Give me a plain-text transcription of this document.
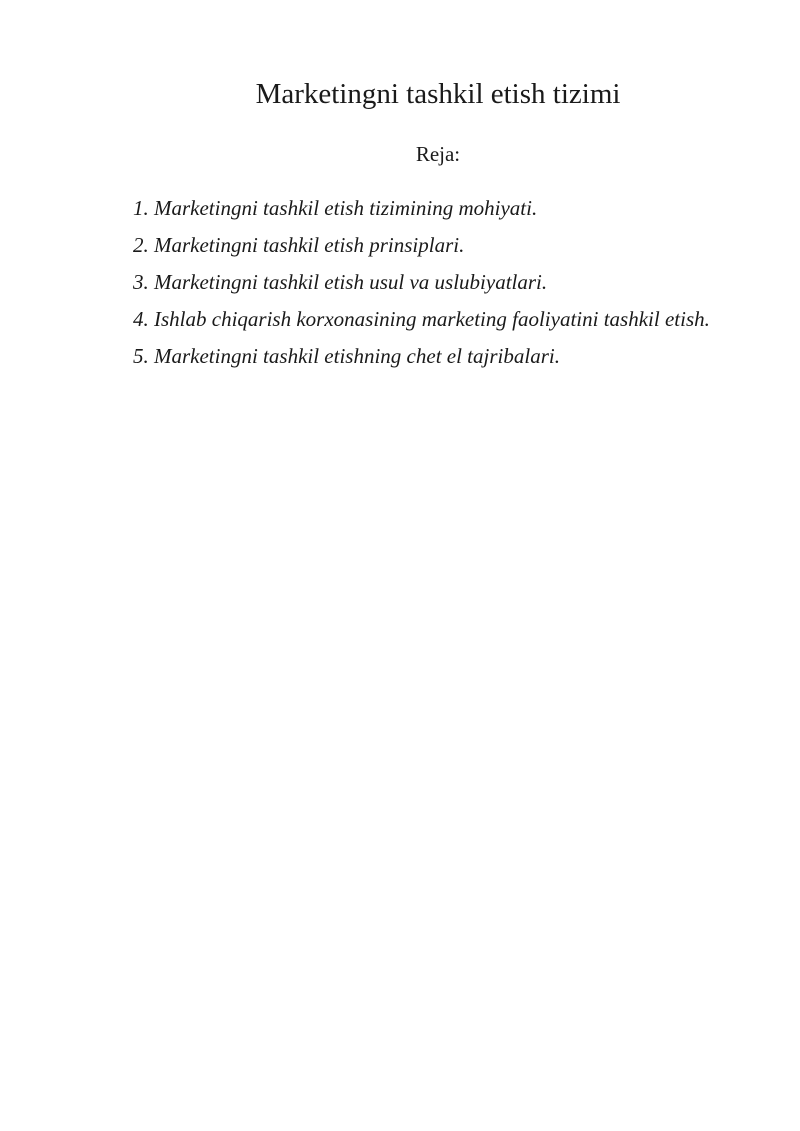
Marketingni tashkil etish tizimi
Reja:
1. Marketingni tashkil etish tizimining mohiyati.
2. Marketingni tashkil etish prinsiplari.
3. Marketingni tashkil etish usul va uslubiyatlari.
4. Ishlab chiqarish korxonasining marketing faoliyatini tashkil etish.
5. Marketingni tashkil etishning chet el tajribalari.
